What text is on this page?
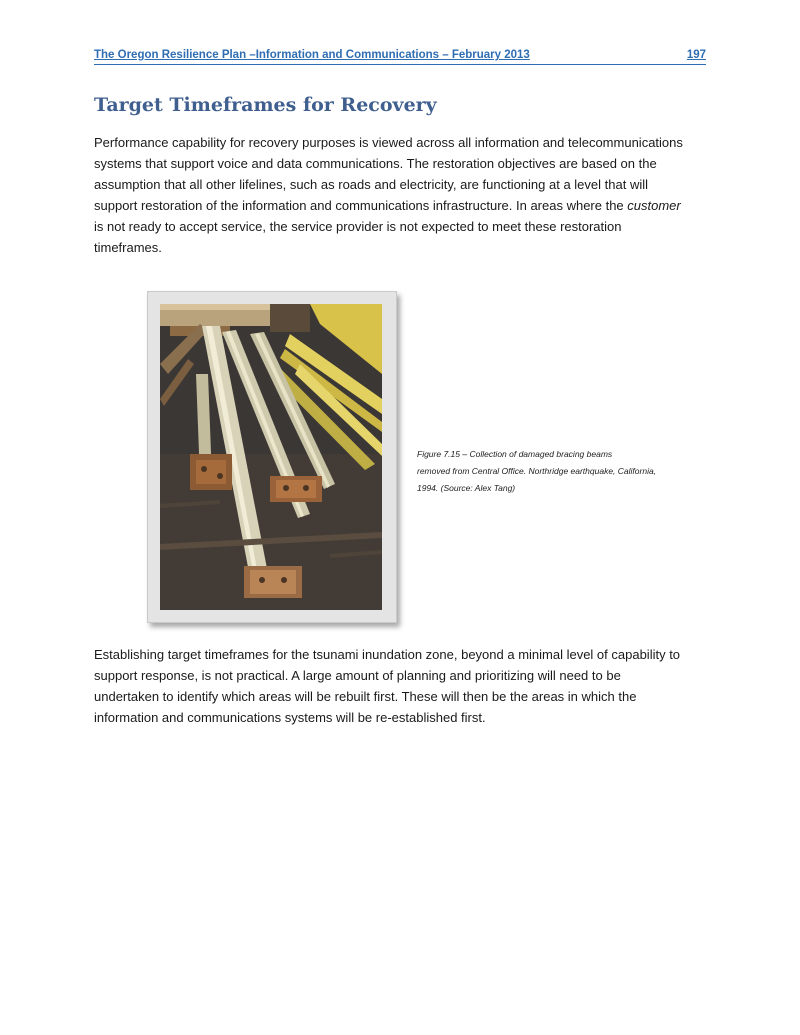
The Oregon Resilience Plan –Information and Communications – February 2013	197
Target Timeframes for Recovery

Performance capability for recovery purposes is viewed across all information and telecommunications
systems that support voice and data communications. The restoration objectives are based on the
assumption that all other lifelines, such as roads and electricity, are functioning at a level that will
support restoration of the information and communications infrastructure. In areas where the customer
is not ready to accept service, the service provider is not expected to meet these restoration
timeframes.

Figure 7.15 – Collection of damaged bracing beams
removed from Central Office. Northridge earthquake, California,
1994. (Source: Alex Tang)

Establishing target timeframes for the tsunami inundation zone, beyond a minimal level of capability to
support response, is not practical. A large amount of planning and prioritizing will need to be
undertaken to identify which areas will be rebuilt first. These will then be the areas in which the
information and communications systems will be re-established first.
